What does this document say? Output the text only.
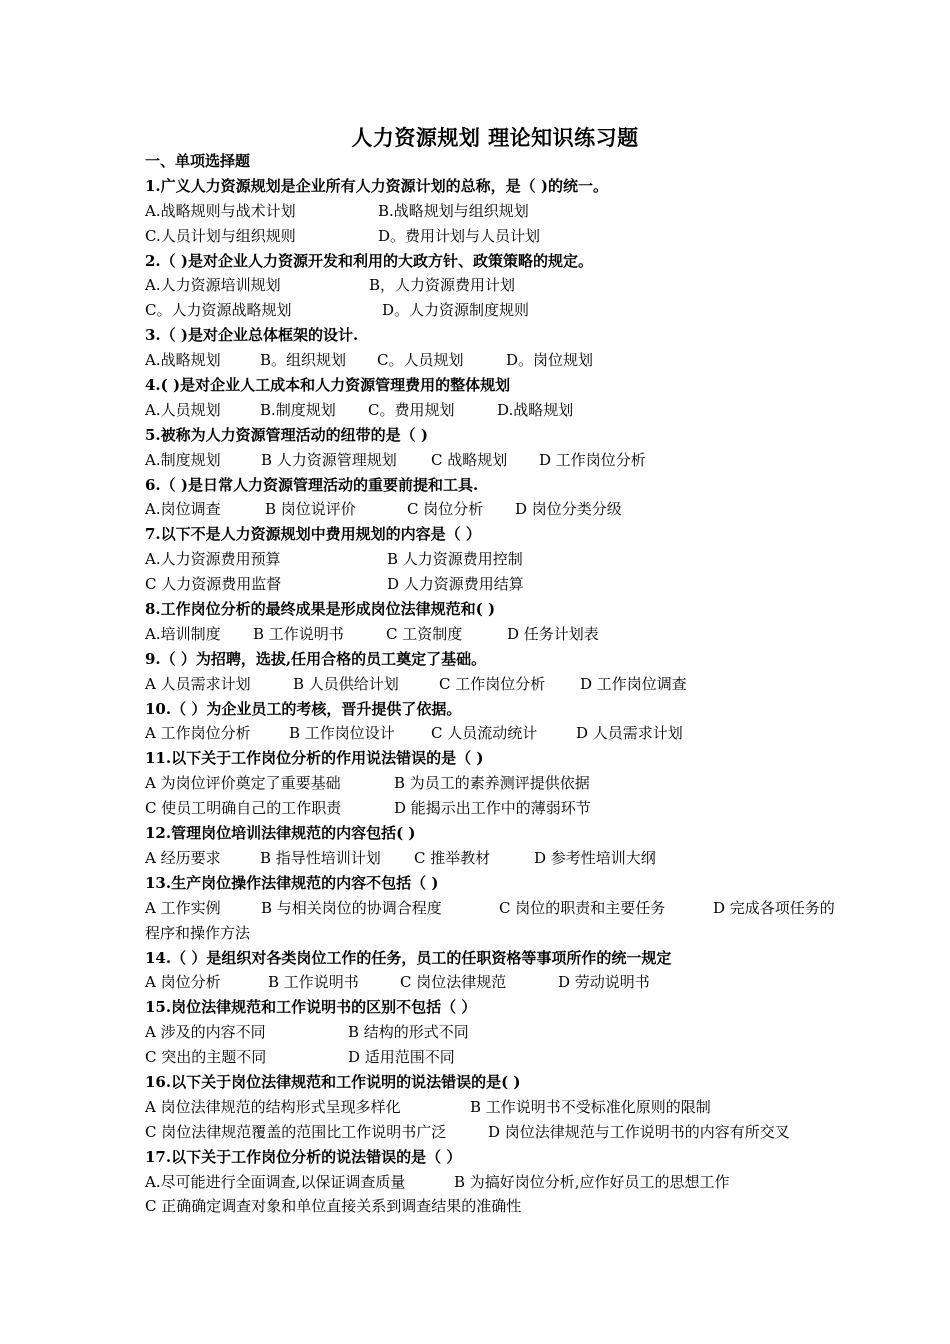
人力资源规划 理论知识练习题
一、单项选择题
1.广义人力资源规划是企业所有人力资源计划的总称，是（ )的统一。
A.战略规则与战术计划	B.战略规划与组织规划
C.人员计划与组织规则	D。费用计划与人员计划
2.（ )是对企业人力资源开发和利用的大政方针、政策策略的规定。
A.人力资源培训规划	B，人力资源费用计划
C。人力资源战略规划	D。人力资源制度规则
3.（ )是对企业总体框架的设计.
A.战略规划	B。组织规划	C。人员规划	D。岗位规划
4.( )是对企业人工成本和人力资源管理费用的整体规划
A.人员规划	B.制度规划	C。费用规划	D.战略规划
5.被称为人力资源管理活动的纽带的是（ )
A.制度规划	B 人力资源管理规划	C 战略规划	D 工作岗位分析
6.（ )是日常人力资源管理活动的重要前提和工具.
A.岗位调查	B 岗位说评价	C 岗位分析	D 岗位分类分级
7.以下不是人力资源规划中费用规划的内容是（ ）
A.人力资源费用预算	B 人力资源费用控制
C 人力资源费用监督	D 人力资源费用结算
8.工作岗位分析的最终成果是形成岗位法律规范和( )
A.培训制度	B 工作说明书	C 工资制度	D 任务计划表
9.（ ）为招聘，选拔,任用合格的员工奠定了基础。
A 人员需求计划	B 人员供给计划	C 工作岗位分析	D 工作岗位调查
10.（ ）为企业员工的考核，晋升提供了依据。
A 工作岗位分析	B 工作岗位设计	C 人员流动统计	D 人员需求计划
11.以下关于工作岗位分析的作用说法错误的是（ )
A 为岗位评价奠定了重要基础	B 为员工的素养测评提供依据
C 使员工明确自己的工作职责	D 能揭示出工作中的薄弱环节
12.管理岗位培训法律规范的内容包括( )
A 经历要求	B 指导性培训计划	C 推举教材	D 参考性培训大纲
13.生产岗位操作法律规范的内容不包括（ )
A 工作实例	B 与相关岗位的协调合程度	C 岗位的职责和主要任务	D 完成各项任务的
程序和操作方法
14.（ ）是组织对各类岗位工作的任务，员工的任职资格等事项所作的统一规定
A 岗位分析	B 工作说明书	C 岗位法律规范	D 劳动说明书
15.岗位法律规范和工作说明书的区别不包括（ ）
A 涉及的内容不同	B 结构的形式不同
C 突出的主题不同	D 适用范围不同
16.以下关于岗位法律规范和工作说明的说法错误的是( )
A 岗位法律规范的结构形式呈现多样化	B 工作说明书不受标准化原则的限制
C 岗位法律规范覆盖的范围比工作说明书广泛	D 岗位法律规范与工作说明书的内容有所交叉
17.以下关于工作岗位分析的说法错误的是（ ）
A.尽可能进行全面调查,以保证调查质量	B 为搞好岗位分析,应作好员工的思想工作
C 正确确定调查对象和单位直接关系到调查结果的准确性
